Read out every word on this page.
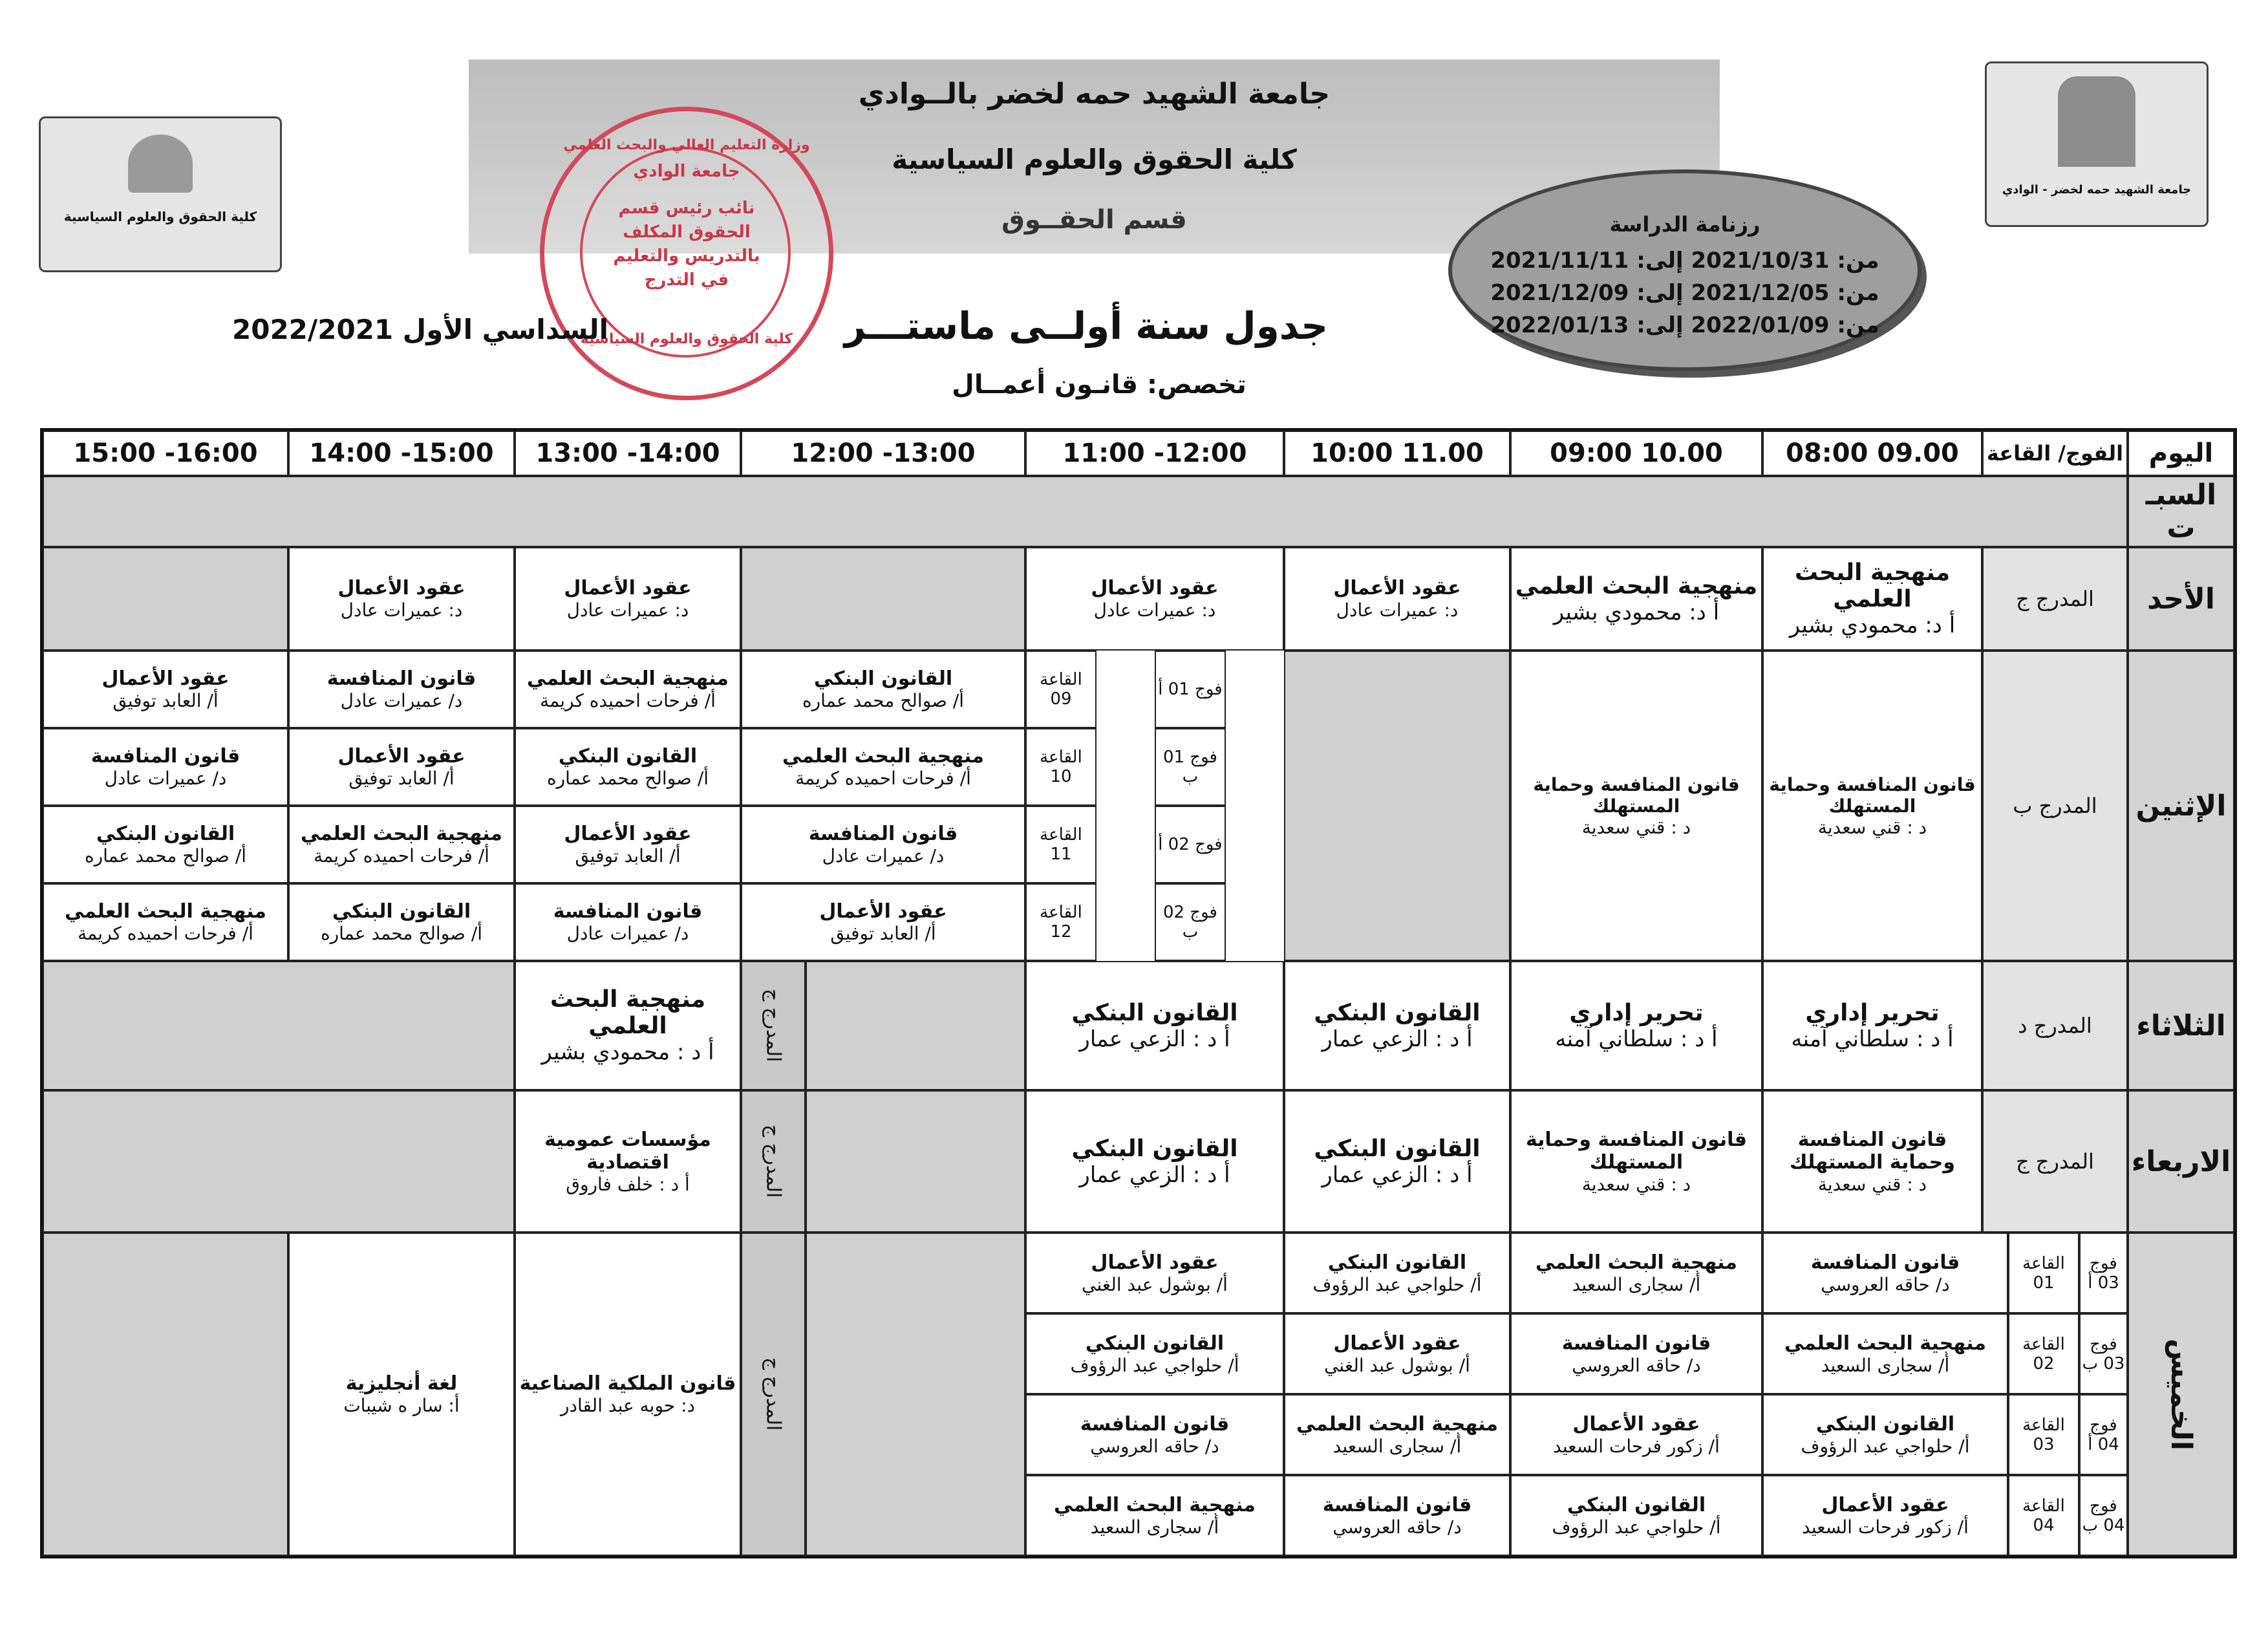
كلية الحقوق والعلوم السياسية
جامعة الشهيد حمه لخضر - الوادي
جامعة الشهيد حمه لخضر بالــوادي
كلية الحقوق والعلوم السياسية
قسم الحقــوق
وزارة التعليم العالي والبحث العلمي
جامعة الوادي
نائب رئيس قسم
الحقوق المكلف
بالتدريس والتعليم
في التدرج
كلية الحقوق والعلوم السياسية
رزنامة الدراسة
من: 2021/10/31 إلى: 2021/11/11
من: 2021/12/05 إلى: 2021/12/09
من: 2022/01/09 إلى: 2022/01/13
جدول سنة أولــى ماستـــر
تخصص: قانـون أعمــال
السداسي الأول 2022/2021
اليوم
الفوج/ القاعة
08:00 09.00
09:00 10.00
10:00 11.00
11:00 -12:00
12:00 -13:00
13:00 -14:00
14:00 -15:00
15:00 -16:00
السبـ ت
الأحد
المدرج ج
منهجية البحث العلمي
أ د: محمودي بشير
منهجية البحث العلمي
أ د: محمودي بشير
عقود الأعمال
د: عميرات عادل
عقود الأعمال
د: عميرات عادل
عقود الأعمال
د: عميرات عادل
عقود الأعمال
د: عميرات عادل
الإثنين
المدرج ب
قانون المنافسة وحماية المستهلك
د : قني سعدية
قانون المنافسة وحماية المستهلك
د : قني سعدية
فوج 01 أ
القاعة 09
القانون البنكي
أ/ صوالح محمد عماره
منهجية البحث العلمي
أ/ فرحات احميده كريمة
قانون المنافسة
د/ عميرات عادل
عقود الأعمال
أ/ العابد توفيق
فوج 01 ب
القاعة 10
منهجية البحث العلمي
أ/ فرحات احميده كريمة
القانون البنكي
أ/ صوالح محمد عماره
عقود الأعمال
أ/ العابد توفيق
قانون المنافسة
د/ عميرات عادل
فوج 02 أ
القاعة 11
قانون المنافسة
د/ عميرات عادل
عقود الأعمال
أ/ العابد توفيق
منهجية البحث العلمي
أ/ فرحات احميده كريمة
القانون البنكي
أ/ صوالح محمد عماره
فوج 02 ب
القاعة 12
عقود الأعمال
أ/ العابد توفيق
قانون المنافسة
د/ عميرات عادل
القانون البنكي
أ/ صوالح محمد عماره
منهجية البحث العلمي
أ/ فرحات احميده كريمة
الثلاثاء
المدرج د
تحرير إداري
أ د : سلطاني آمنه
تحرير إداري
أ د : سلطاني آمنه
القانون البنكي
أ د : الزعي عمار
القانون البنكي
أ د : الزعي عمار
المدرج ج
منهجية البحث العلمي
أ د : محمودي بشير
الاربعاء
المدرج ج
قانون المنافسة وحماية المستهلك
د : قني سعدية
قانون المنافسة وحماية المستهلك
د : قني سعدية
القانون البنكي
أ د : الزعي عمار
القانون البنكي
أ د : الزعي عمار
المدرج ج
مؤسسات عمومية اقتصادية
أ د : خلف فاروق
الخميس
فوج 03 أ
القاعة 01
قانون المنافسة
د/ حاقه العروسي
منهجية البحث العلمي
أ/ سجارى السعيد
القانون البنكي
أ/ حلواجي عبد الرؤوف
عقود الأعمال
أ/ بوشول عبد الغني
فوج 03 ب
القاعة 02
منهجية البحث العلمي
أ/ سجارى السعيد
قانون المنافسة
د/ حاقه العروسي
عقود الأعمال
أ/ بوشول عبد الغني
القانون البنكي
أ/ حلواجي عبد الرؤوف
فوج 04 أ
القاعة 03
القانون البنكي
أ/ حلواجي عبد الرؤوف
عقود الأعمال
أ/ زكور فرحات السعيد
منهجية البحث العلمي
أ/ سجارى السعيد
قانون المنافسة
د/ حاقه العروسي
فوج 04 ب
القاعة 04
عقود الأعمال
أ/ زكور فرحات السعيد
القانون البنكي
أ/ حلواجي عبد الرؤوف
قانون المنافسة
د/ حاقه العروسي
منهجية البحث العلمي
أ/ سجارى السعيد
المدرج ج
قانون الملكية الصناعية
د: حوبه عبد القادر
لغة أنجليزية
أ: سار ه شيبات
